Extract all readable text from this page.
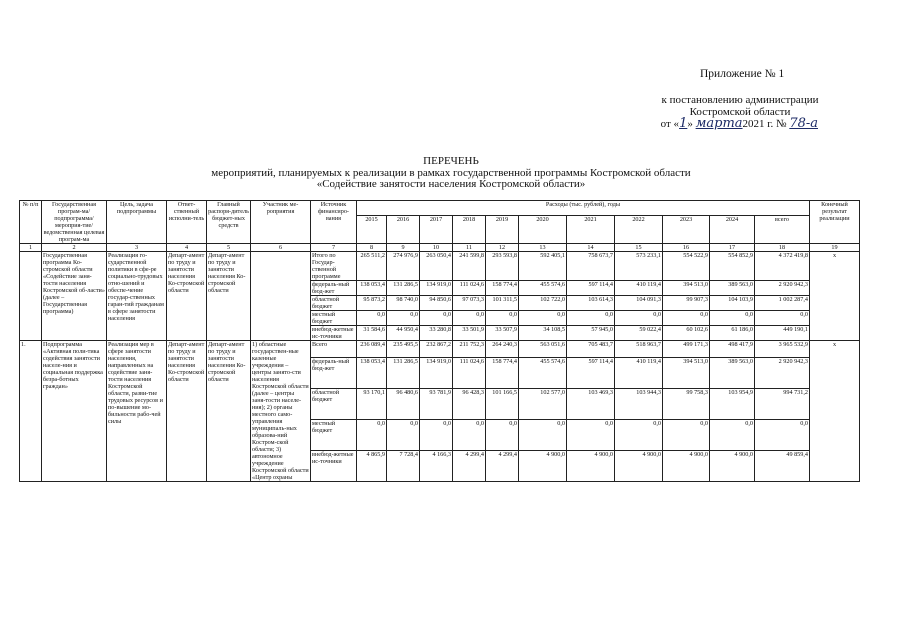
Приложение № 1
к постановлению администрации
Костромской области
от «1» марта2021 г. № 78-а
ПЕРЕЧЕНЬ
мероприятий, планируемых к реализации в рамках государственной программы Костромской области
«Содействие занятости населения Костромской области»
№ п/п	Государственная програм-ма/подпрограмма/мероприя-тие/ведомственная целевая програм-ма	Цель, задача подпрограммы	Ответ-ственный исполни-тель	Главный распоря-дитель бюджет-ных средств	Участник ме-роприятия	Источник финансиро-вания	Расходы (тыс. рублей), годы											Конечный результат реализации
							2015	2016	2017	2018	2019	2020	2021	2022	2023	2024	всего	
1	2	3	4	5	6	7	8	9	10	11	12	13	14	15	16	17	18	19
	Государственная программа Ко-стромской области «Содействие заня-тости населения Костромской об-ласти» (далее – Государственная программа)	Реализация го-сударственной политики в сфе-ре социально-трудовых отно-шений и обеспе-чение государ-ственных гаран-тий гражданам в сфере занятости населения	Департ-амент по труду и занятости населения Ко-стромской области	Департ-амент по труду и занятости населения Ко-стромской области		Итого по Государ-ственной программе	265 511,2	274 976,9	263 050,4	241 599,8	293 593,8	592 405,1	758 673,7	573 233,1	554 522,9	554 852,9	4 372 419,8	x
						федераль-ный бюд-жет	138 053,4	131 286,5	134 919,0	111 024,6	158 774,4	455 574,6	597 114,4	410 119,4	394 513,0	389 563,0	2 920 942,3	
						областной бюджет	95 873,2	98 740,0	94 850,6	97 073,3	101 311,5	102 722,0	103 614,3	104 091,3	99 907,3	104 103,9	1 002 287,4	
						местный бюджет	0,0	0,0	0,0	0,0	0,0	0,0	0,0	0,0	0,0	0,0	0,0	
						внебюд-жетные ис-точники	31 584,6	44 950,4	33 280,8	33 501,9	33 507,9	34 108,5	57 945,0	59 022,4	60 102,6	61 186,0	449 190,1	
1.	Подпрограмма «Активная поли-тика содействия занятости населе-ния и социальная поддержка безра-ботных граждан»	Реализация мер в сфере занятости населения, направленных на содействие заня-тости населения Костромской области, разви-тие трудовых ресурсов и по-вышение мо-бильности рабо-чей силы	Департ-амент по труду и занятости населения Ко-стромской области	Департ-амент по труду и занятости населения Ко-стромской области	1) областные государствен-ные казенные учреждения – центры занято-сти населения Костромской области (далее – центры заня-тости населе-ния); 2) органы местного само-управления муниципаль-ных образова-ний Костром-ской области; 3) автономное учреждение Костромской области «Центр охраны	Всего	236 089,4	235 495,5	232 867,2	211 752,3	264 240,3	563 051,6	705 483,7	518 963,7	499 171,3	498 417,9	3 965 532,9	x
						федераль-ный бюд-жет	138 053,4	131 286,5	134 919,0	111 024,6	158 774,4	455 574,6	597 114,4	410 119,4	394 513,0	389 563,0	2 920 942,3	
						областной бюджет	93 170,1	96 480,6	93 781,9	96 428,3	101 166,5	102 577,0	103 469,3	103 944,3	99 758,3	103 954,9	994 731,2	
						местный бюджет	0,0	0,0	0,0	0,0	0,0	0,0	0,0	0,0	0,0	0,0	0,0	
						внебюд-жетные ис-точники	4 865,9	7 728,4	4 166,3	4 299,4	4 299,4	4 900,0	4 900,0	4 900,0	4 900,0	4 900,0	49 859,4	
